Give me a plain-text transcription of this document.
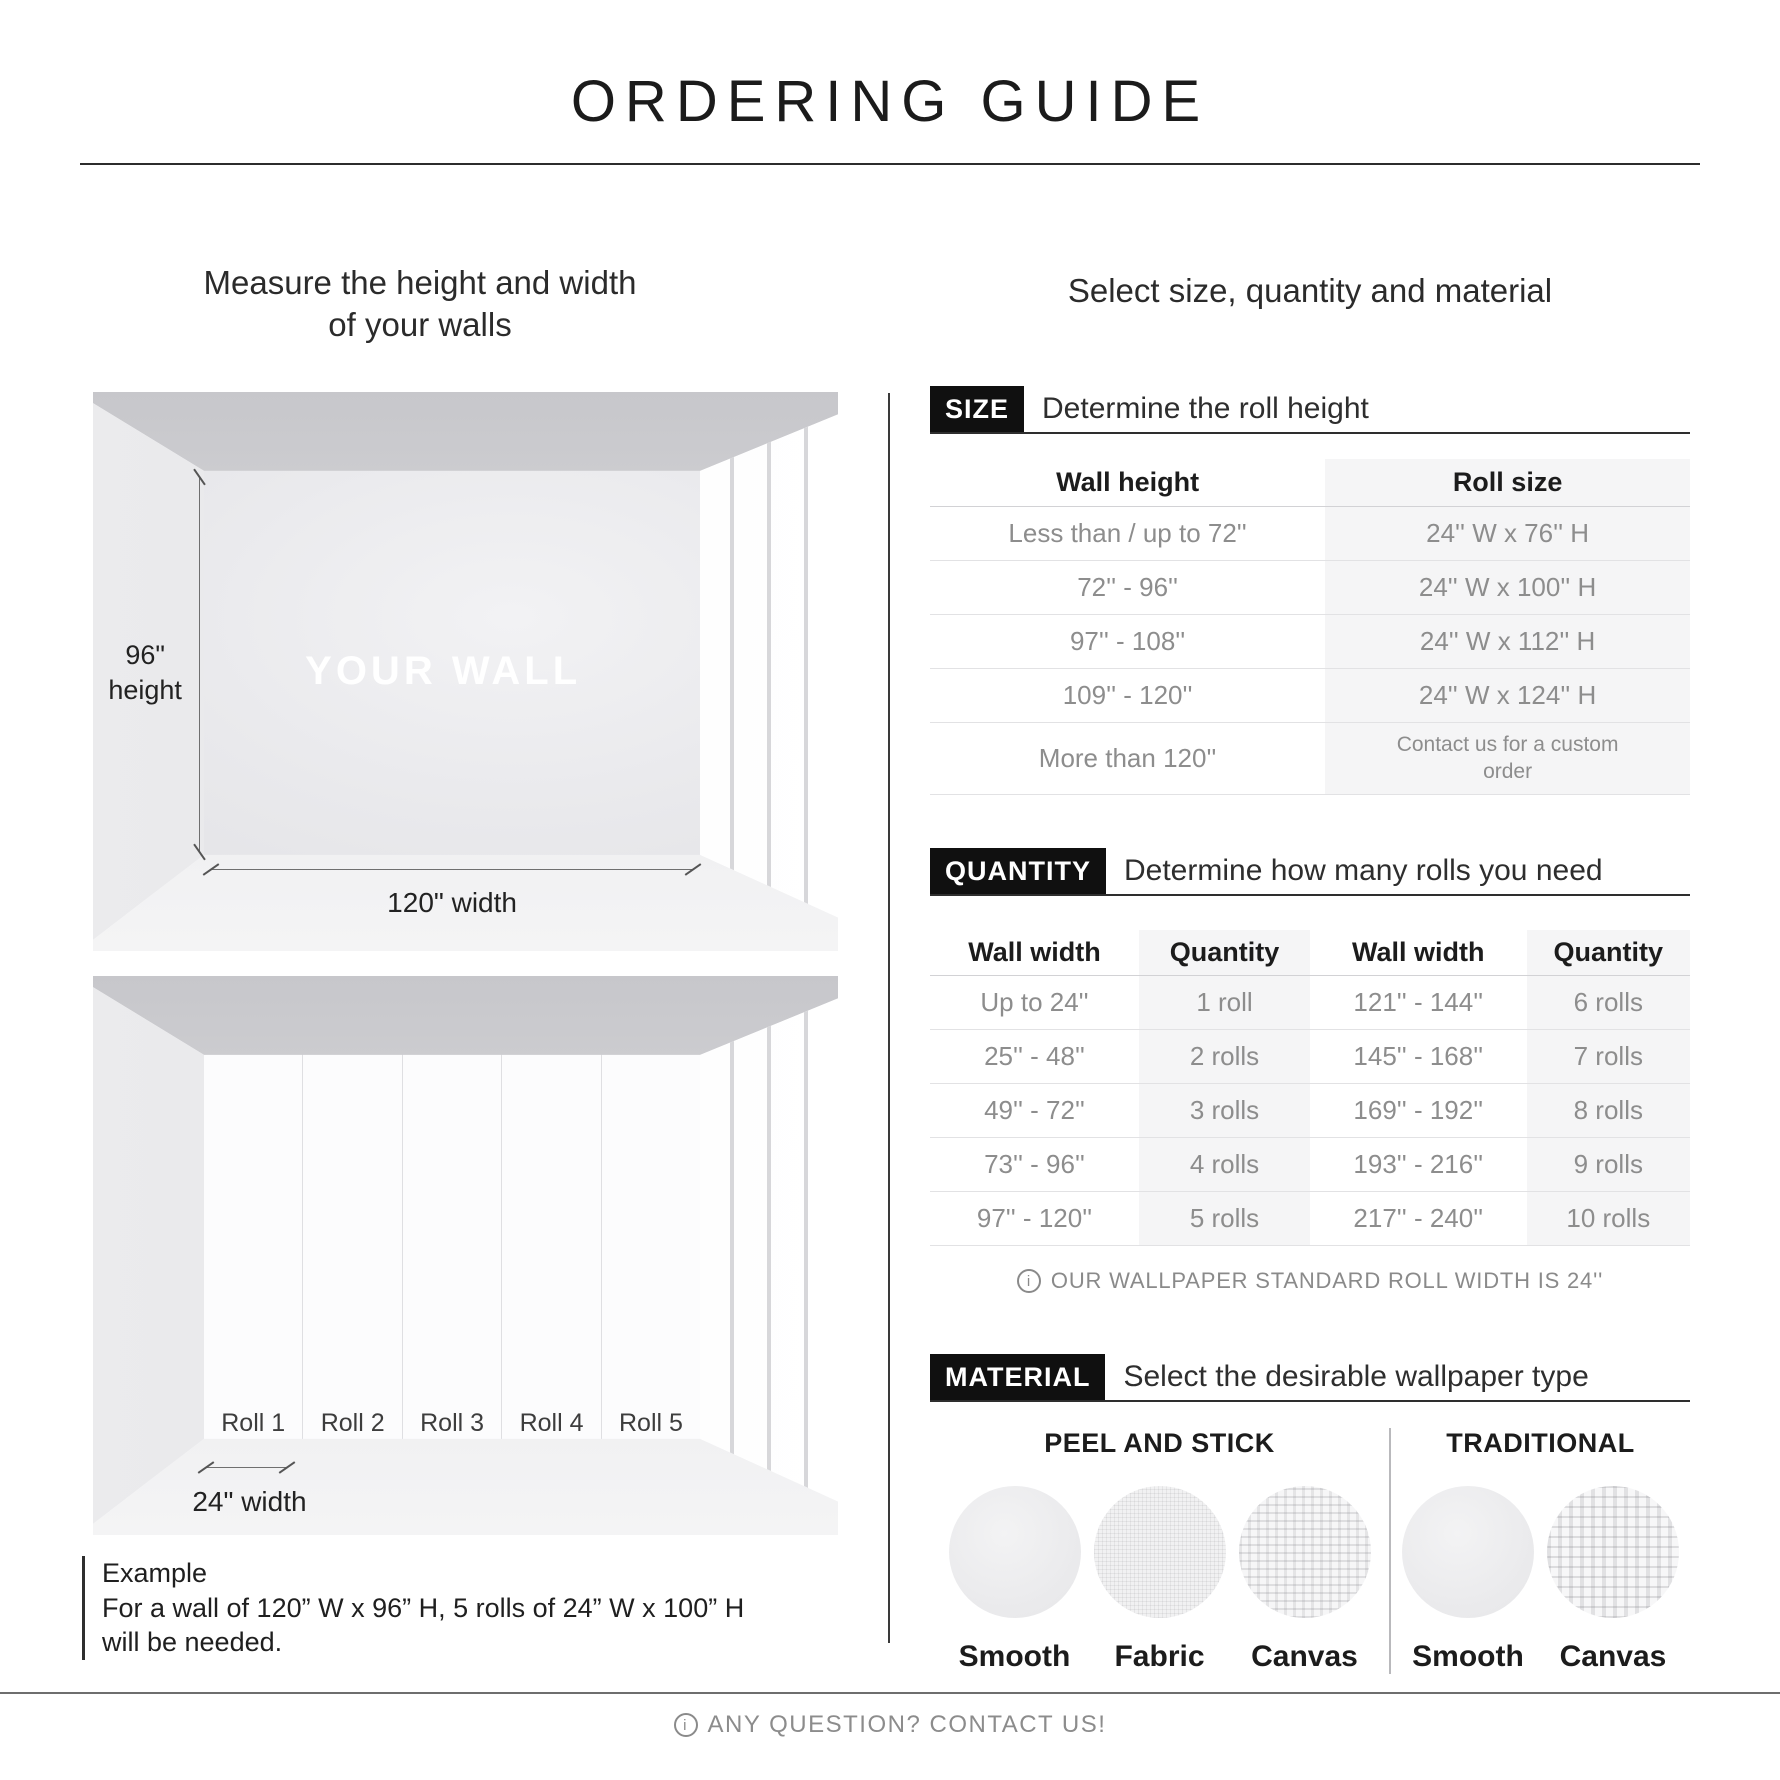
ORDERING GUIDE
Measure the height and width
of your walls
YOUR WALL
96"
height
120" width
Roll 1	Roll 2	Roll 3	Roll 4	Roll 5
24" width
Example
For a wall of 120” W x 96” H, 5 rolls of 24” W x 100” H
will be needed.
Select size, quantity and material
SIZE	Determine the roll height
Wall height	Roll size
Less than / up to 72''	24'' W x 76'' H
72'' - 96''	24'' W x 100'' H
97'' - 108''	24'' W x 112'' H
109'' - 120''	24'' W x 124'' H
More than 120''	Contact us for a custom order
QUANTITY	Determine how many rolls you need
Wall width	Quantity	Wall width	Quantity
Up to 24''	1 roll	121'' - 144''	6 rolls
25'' - 48''	2 rolls	145'' - 168''	7 rolls
49'' - 72''	3 rolls	169'' - 192''	8 rolls
73'' - 96''	4 rolls	193'' - 216''	9 rolls
97'' - 120''	5 rolls	217'' - 240''	10 rolls
i OUR WALLPAPER STANDARD ROLL WIDTH IS 24''
MATERIAL	Select the desirable wallpaper type
PEEL AND STICK
Smooth Fabric Canvas
TRADITIONAL
Smooth Canvas
i ANY QUESTION? CONTACT US!
